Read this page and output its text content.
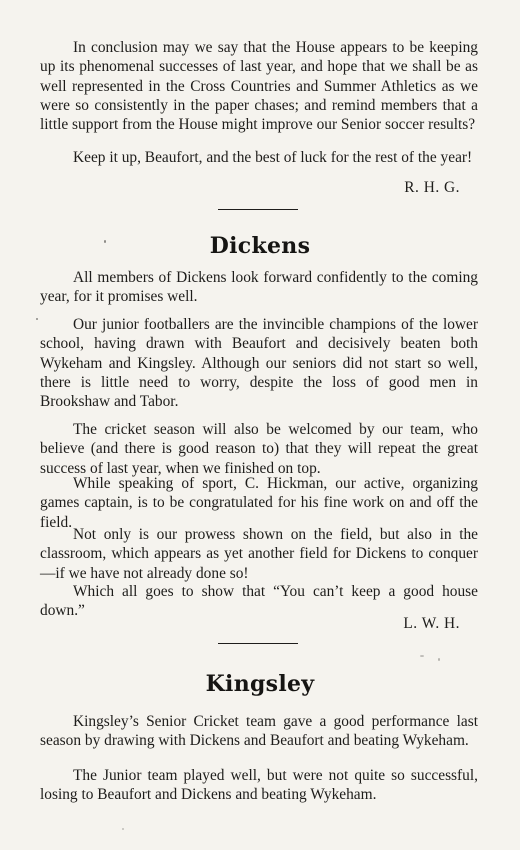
In conclusion may we say that the House appears to be keeping up its phenomenal successes of last year, and hope that we shall be as well represented in the Cross Countries and Summer Athletics as we were so consistently in the paper chases; and remind members that a little support from the House might improve our Senior soccer results?

Keep it up, Beaufort, and the best of luck for the rest of the year!

R. H. G.
Dickens

All members of Dickens look forward confidently to the coming year, for it promises well.

Our junior footballers are the invincible champions of the lower school, having drawn with Beaufort and decisively beaten both Wykeham and Kingsley. Although our seniors did not start so well, there is little need to worry, despite the loss of good men in Brookshaw and Tabor.

The cricket season will also be welcomed by our team, who believe (and there is good reason to) that they will repeat the great success of last year, when we finished on top.

While speaking of sport, C. Hickman, our active, organizing games captain, is to be congratulated for his fine work on and off the field.

Not only is our prowess shown on the field, but also in the classroom, which appears as yet another field for Dickens to conquer—if we have not already done so!

Which all goes to show that “You can’t keep a good house down.”

L. W. H.
Kingsley

Kingsley’s Senior Cricket team gave a good performance last season by drawing with Dickens and Beaufort and beating Wykeham.

The Junior team played well, but were not quite so successful, losing to Beaufort and Dickens and beating Wykeham.
